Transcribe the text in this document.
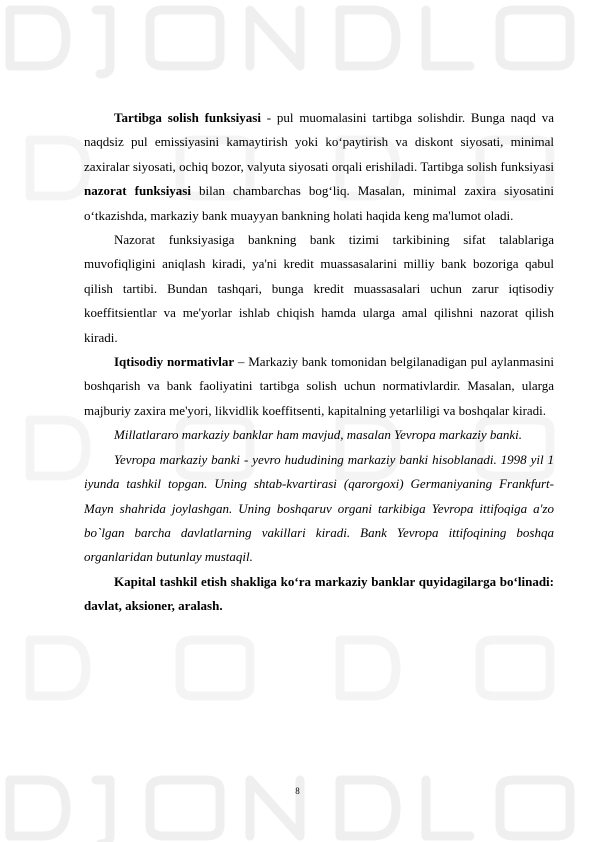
Tartibga solish funksiyasi - pul muomalasini tartibga solishdir. Bunga naqd va naqdsiz pul emissiyasini kamaytirish yoki ko‘paytirish va diskont siyosati, minimal zaxiralar siyosati, ochiq bozor, valyuta siyosati orqali erishiladi. Tartibga solish funksiyasi nazorat funksiyasi bilan chambarchas bog‘liq. Masalan, minimal zaxira siyosatini o‘tkazishda, markaziy bank muayyan bankning holati haqida keng ma'lumot oladi.

Nazorat funksiyasiga bankning bank tizimi tarkibining sifat talablariga muvofiqligini aniqlash kiradi, ya'ni kredit muassasalarini milliy bank bozoriga qabul qilish tartibi. Bundan tashqari, bunga kredit muassasalari uchun zarur iqtisodiy koeffitsientlar va me'yorlar ishlab chiqish hamda ularga amal qilishni nazorat qilish kiradi.

Iqtisodiy normativlar – Markaziy bank tomonidan belgilanadigan pul aylanmasini boshqarish va bank faoliyatini tartibga solish uchun normativlardir. Masalan, ularga majburiy zaxira me'yori, likvidlik koeffitsenti, kapitalning yetarliligi va boshqalar kiradi.

Millatlararo markaziy banklar ham mavjud, masalan Yevropa markaziy banki.

Yevropa markaziy banki - yevro hududining markaziy banki hisoblanadi. 1998 yil 1 iyunda tashkil topgan. Uning shtab-kvartirasi (qarorgoxi) Germaniyaning Frankfurt-Mayn shahrida joylashgan. Uning boshqaruv organi tarkibiga Yevropa ittifoqiga a'zo bo`lgan barcha davlatlarning vakillari kiradi. Bank Yevropa ittifoqining boshqa organlaridan butunlay mustaqil.

Kapital tashkil etish shakliga ko‘ra markaziy banklar quyidagilarga bo‘linadi: davlat, aksioner, aralash.

8
